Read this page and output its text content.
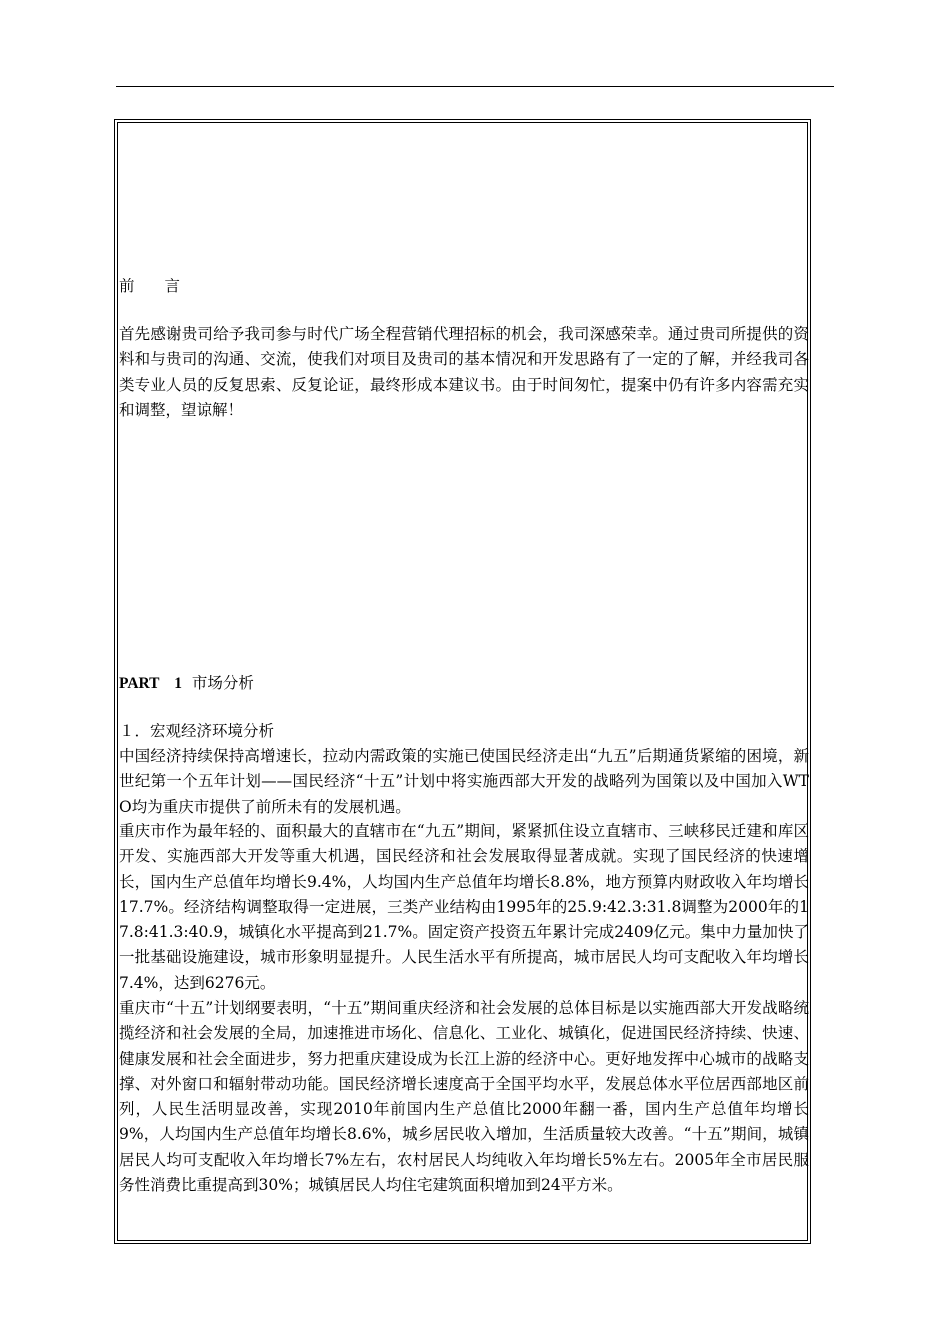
前 言
首先感谢贵司给予我司参与时代广场全程营销代理招标的机会，我司深感荣幸。通过贵司所提供的资料和与贵司的沟通、交流，使我们对项目及贵司的基本情况和开发思路有了一定的了解，并经我司各类专业人员的反复思索、反复论证，最终形成本建议书。由于时间匆忙，提案中仍有许多内容需充实和调整，望谅解！
PART 1 市场分析
１．宏观经济环境分析
中国经济持续保持高增速长，拉动内需政策的实施已使国民经济走出“九五”后期通货紧缩的困境，新世纪第一个五年计划——国民经济“十五”计划中将实施西部大开发的战略列为国策以及中国加入WTO均为重庆市提供了前所未有的发展机遇。
重庆市作为最年轻的、面积最大的直辖市在“九五”期间，紧紧抓住设立直辖市、三峡移民迁建和库区开发、实施西部大开发等重大机遇，国民经济和社会发展取得显著成就。实现了国民经济的快速增长，国内生产总值年均增长9.4%，人均国内生产总值年均增长8.8%，地方预算内财政收入年均增长17.7%。经济结构调整取得一定进展，三类产业结构由1995年的25.9:42.3:31.8调整为2000年的17.8:41.3:40.9，城镇化水平提高到21.7%。固定资产投资五年累计完成2409亿元。集中力量加快了一批基础设施建设，城市形象明显提升。人民生活水平有所提高，城市居民人均可支配收入年均增长7.4%，达到6276元。
重庆市“十五”计划纲要表明，“十五”期间重庆经济和社会发展的总体目标是以实施西部大开发战略统揽经济和社会发展的全局，加速推进市场化、信息化、工业化、城镇化，促进国民经济持续、快速、健康发展和社会全面进步，努力把重庆建设成为长江上游的经济中心。更好地发挥中心城市的战略支撑、对外窗口和辐射带动功能。国民经济增长速度高于全国平均水平，发展总体水平位居西部地区前列，人民生活明显改善，实现2010年前国内生产总值比2000年翻一番，国内生产总值年均增长9%，人均国内生产总值年均增长8.6%，城乡居民收入增加，生活质量较大改善。“十五”期间，城镇居民人均可支配收入年均增长7%左右，农村居民人均纯收入年均增长5%左右。2005年全市居民服务性消费比重提高到30%；城镇居民人均住宅建筑面积增加到24平方米。
